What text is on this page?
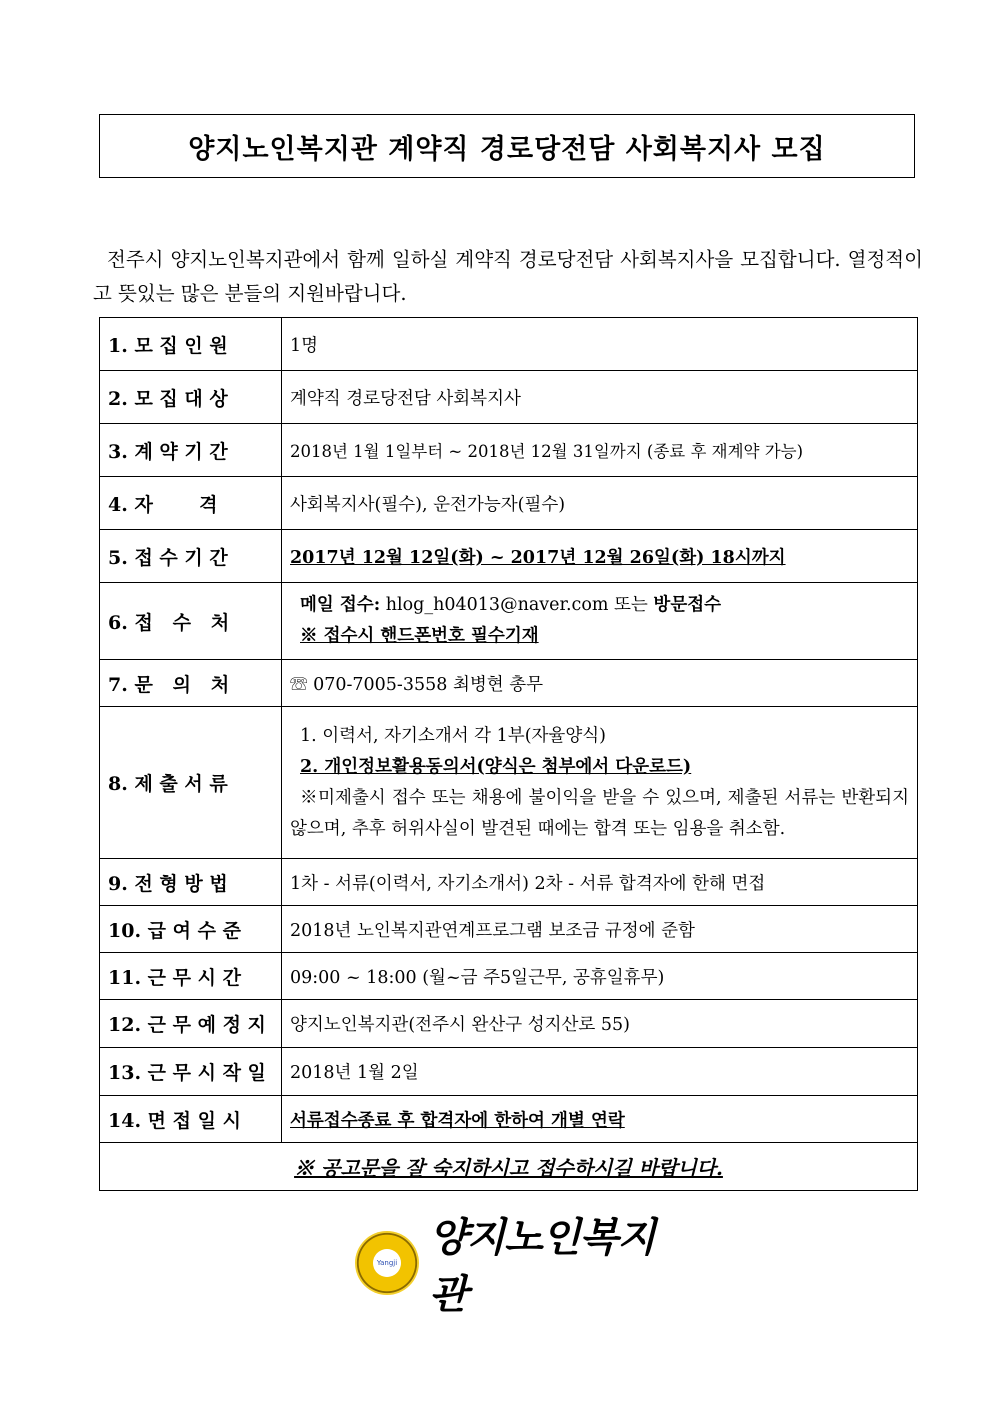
양지노인복지관 계약직 경로당전담 사회복지사 모집
전주시 양지노인복지관에서 함께 일하실 계약직 경로당전담 사회복지사을 모집합니다. 열정적이고 뜻있는 많은 분들의 지원바랍니다.
1. 모 집 인 원	1명
2. 모 집 대 상	계약직 경로당전담 사회복지사
3. 계 약 기 간	2018년 1월 1일부터 ~ 2018년 12월 31일까지 (종료 후 재계약 가능)
4. 자       격	사회복지사(필수), 운전가능자(필수)
5. 접 수 기 간	2017년 12월 12일(화) ~ 2017년 12월 26일(화) 18시까지
6. 접   수   처	메일 접수: hlog_h04013@naver.com 또는 방문접수
※ 접수시 핸드폰번호 필수기재

7. 문   의   처	☏ 070-7005-3558 최병현 총무
8. 제 출 서 류	1. 이력서, 자기소개서 각 1부(자율양식)
2. 개인정보활용동의서(양식은 첨부에서 다운로드)
※미제출시 접수 또는 채용에 불이익을 받을 수 있으며, 제출된 서류는 반환되지 않으며, 추후 허위사실이 발견된 때에는 합격 또는 임용을 취소함.

9. 전 형 방 법	1차 - 서류(이력서, 자기소개서) 2차 - 서류 합격자에 한해 면접
10. 급 여 수 준	2018년 노인복지관연계프로그램 보조금 규정에 준함
11. 근 무 시 간	09:00 ~ 18:00 (월~금 주5일근무, 공휴일휴무)
12. 근 무 예 정 지	양지노인복지관(전주시 완산구 성지산로 55)
13. 근 무 시 작 일	2018년 1월 2일
14. 면 접 일 시	서류접수종료 후 합격자에 한하여 개별 연락
※ 공고문을 잘 숙지하시고 접수하시길 바랍니다.	
Yangji
양지노인복지관
